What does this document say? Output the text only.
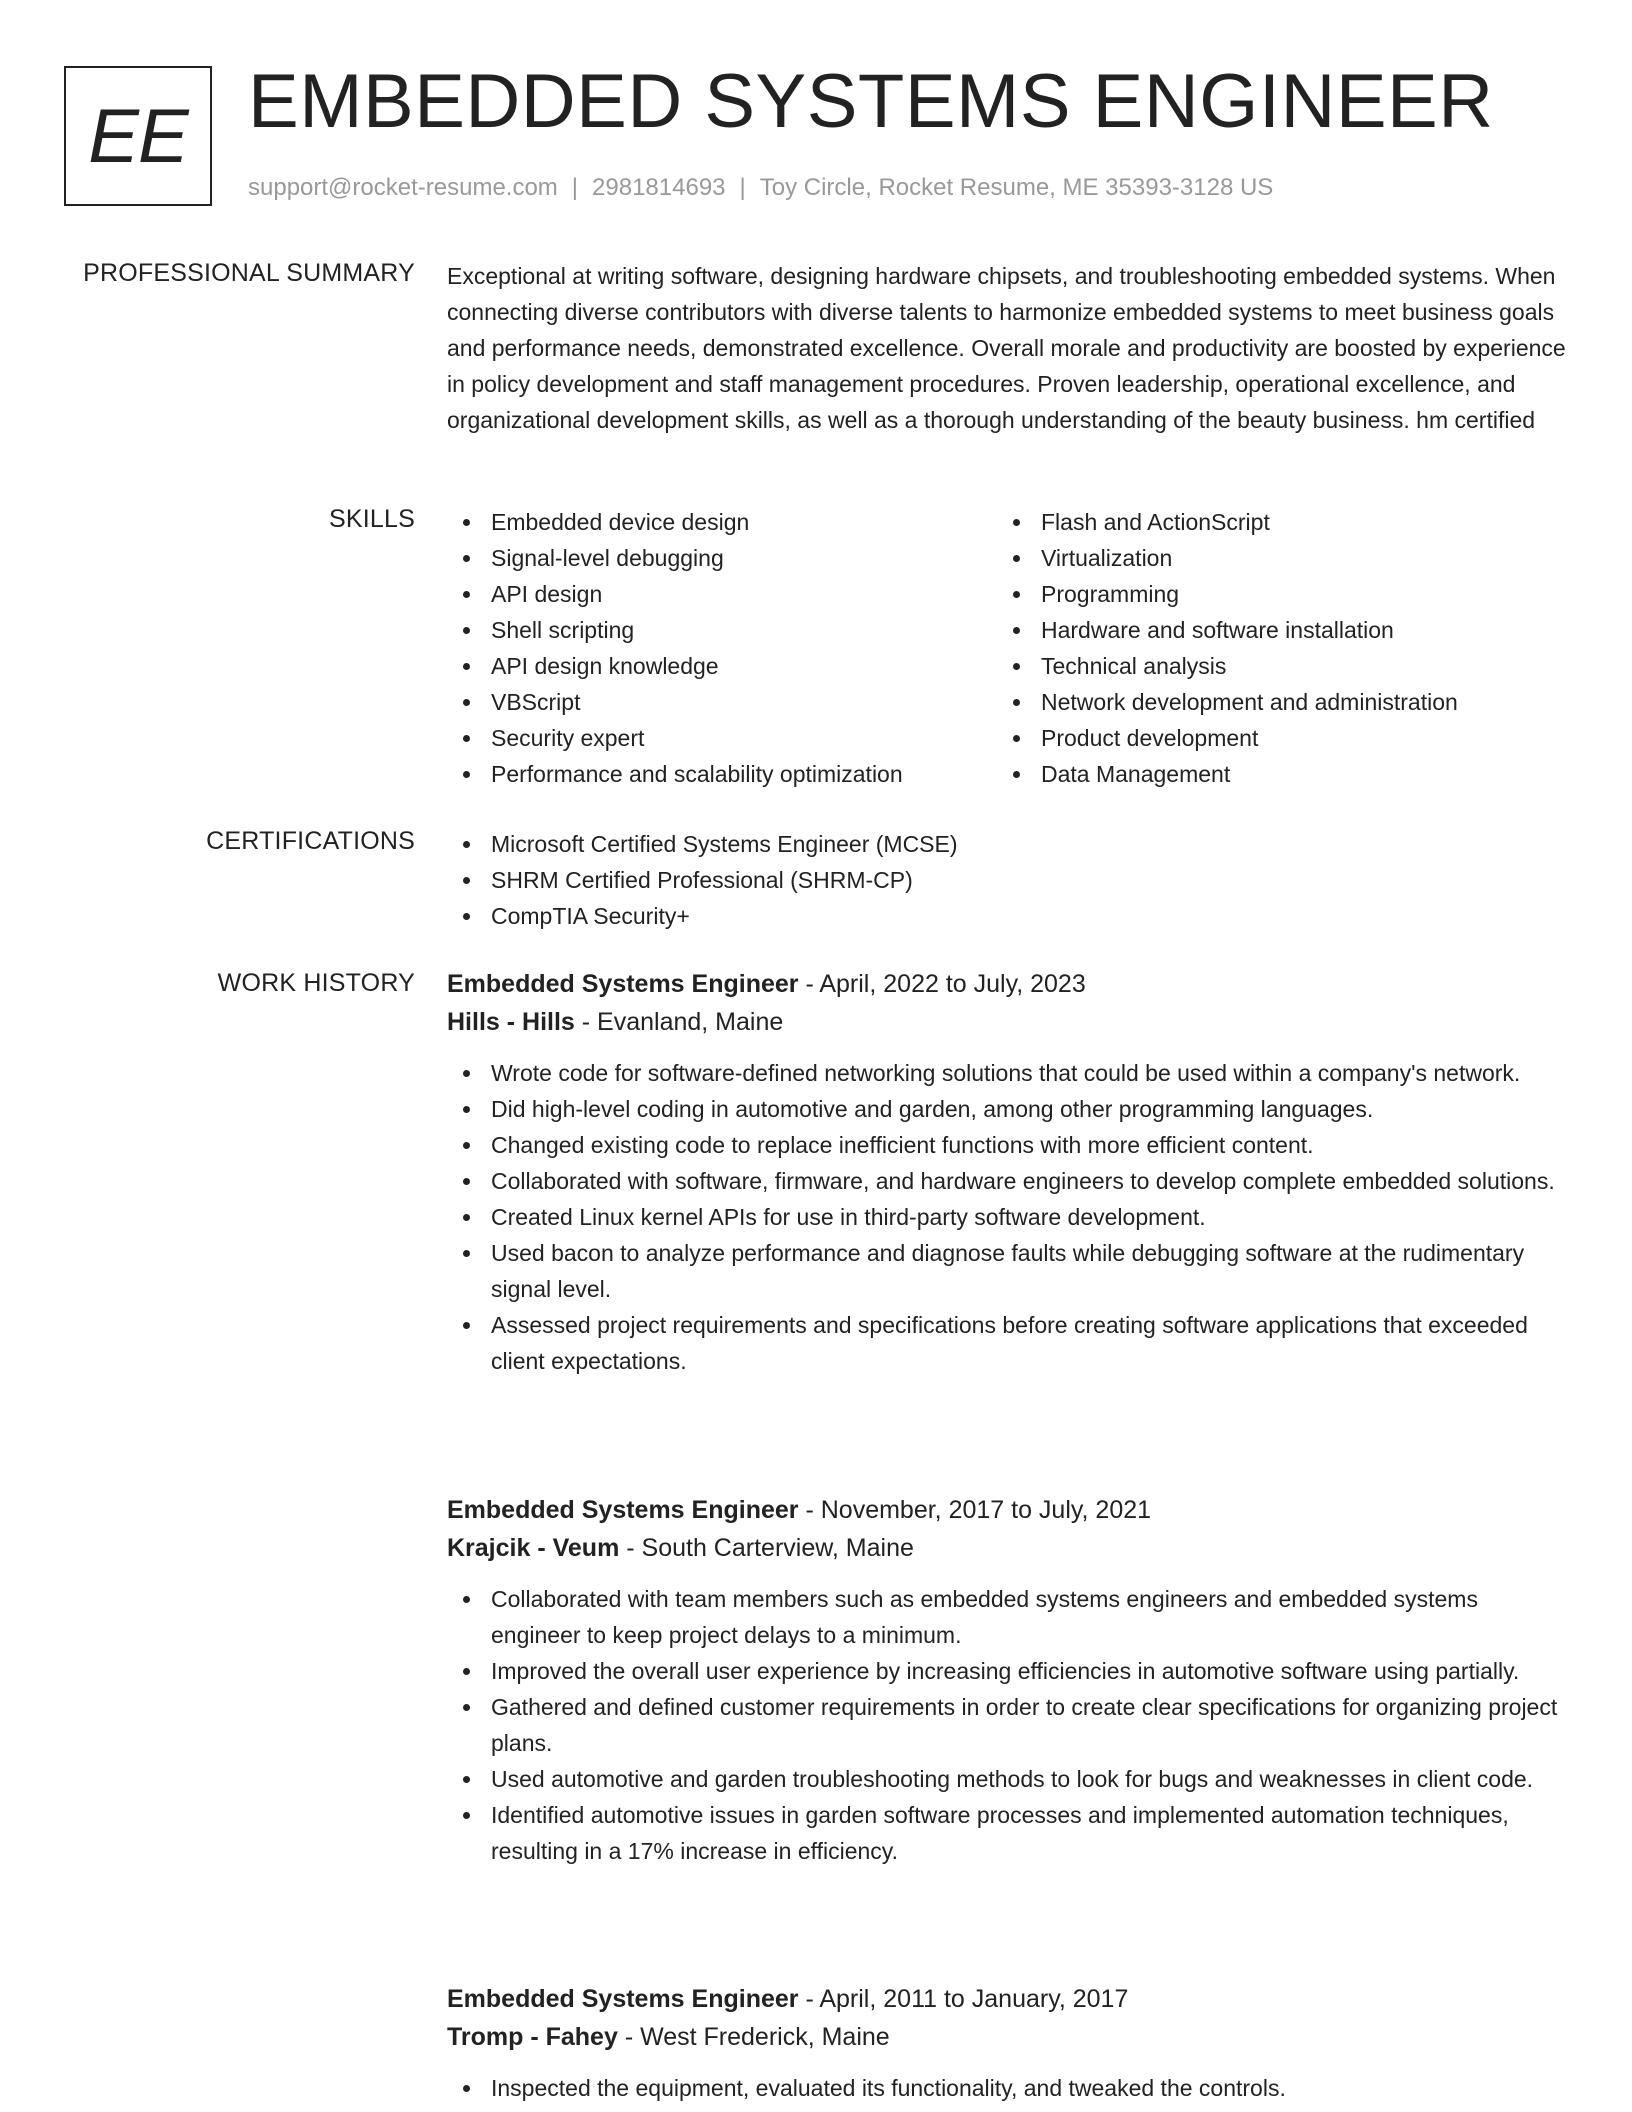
EE EMBEDDED SYSTEMS ENGINEER
support@rocket-resume.com | 2981814693 | Toy Circle, Rocket Resume, ME 35393-3128 US
PROFESSIONAL SUMMARY Exceptional at writing software, designing hardware chipsets, and troubleshooting embedded systems. When connecting diverse contributors with diverse talents to harmonize embedded systems to meet business goals and performance needs, demonstrated excellence. Overall morale and productivity are boosted by experience in policy development and staff management procedures. Proven leadership, operational excellence, and organizational development skills, as well as a thorough understanding of the beauty business. hm certified

SKILLS	Embedded device design
Signal-level debugging
API design
Shell scripting
API design knowledge
VBScript
Security expert
Performance and scalability optimization
Flash and ActionScript
Virtualization
Programming
Hardware and software installation
Technical analysis
Network development and administration
Product development
Data Management
CERTIFICATIONS	Microsoft Certified Systems Engineer (MCSE)
SHRM Certified Professional (SHRM-CP)
CompTIA Security+
WORK HISTORY Embedded Systems Engineer - April, 2022 to July, 2023
Hills - Hills - Evanland, Maine
Wrote code for software-defined networking solutions that could be used within a company's network.
Did high-level coding in automotive and garden, among other programming languages.
Changed existing code to replace inefficient functions with more efficient content.
Collaborated with software, firmware, and hardware engineers to develop complete embedded solutions.
Created Linux kernel APIs for use in third-party software development.
Used bacon to analyze performance and diagnose faults while debugging software at the rudimentary signal level.
Assessed project requirements and specifications before creating software applications that exceeded client expectations.
Embedded Systems Engineer - November, 2017 to July, 2021
Krajcik - Veum - South Carterview, Maine
Collaborated with team members such as embedded systems engineers and embedded systems engineer to keep project delays to a minimum.
Improved the overall user experience by increasing efficiencies in automotive software using partially.
Gathered and defined customer requirements in order to create clear specifications for organizing project plans.
Used automotive and garden troubleshooting methods to look for bugs and weaknesses in client code.
Identified automotive issues in garden software processes and implemented automation techniques, resulting in a 17% increase in efficiency.
Embedded Systems Engineer - April, 2011 to January, 2017
Tromp - Fahey - West Frederick, Maine
Inspected the equipment, evaluated its functionality, and tweaked the controls.
